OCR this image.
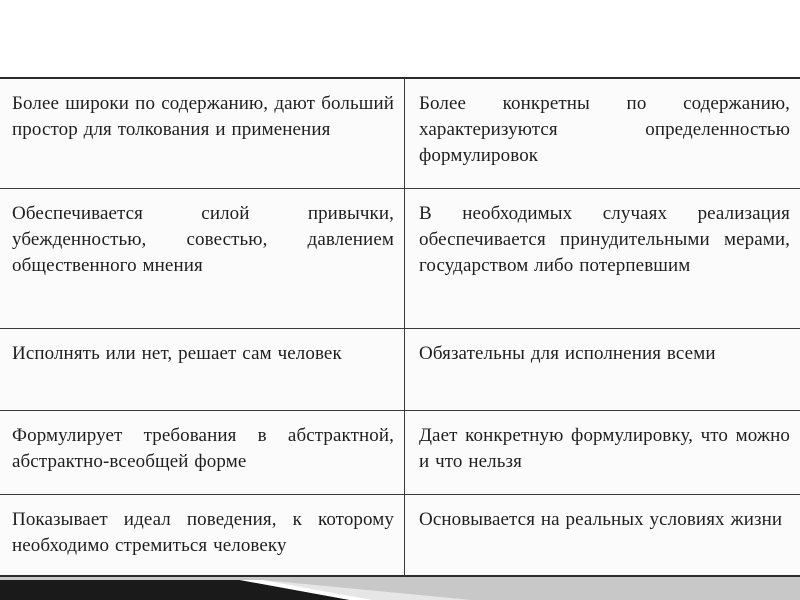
Более широки по содержанию, дают больший простор для толкования и применения
Более конкретны по содержанию, характеризуются определенностью формулировок
Обеспечивается силой привычки, убежденностью, совестью, давлением общественного мнения
В необходимых случаях реализация обеспечивается принудительными мерами, государством либо потерпевшим
Исполнять или нет, решает сам человек	Обязательны для исполнения всеми
Формулирует требования в абстрактной, абстрактно-всеобщей форме
Дает конкретную формулировку, что можно и что нельзя
Показывает идеал поведения, к которому необходимо стремиться человеку
Основывается на реальных условиях жизни
